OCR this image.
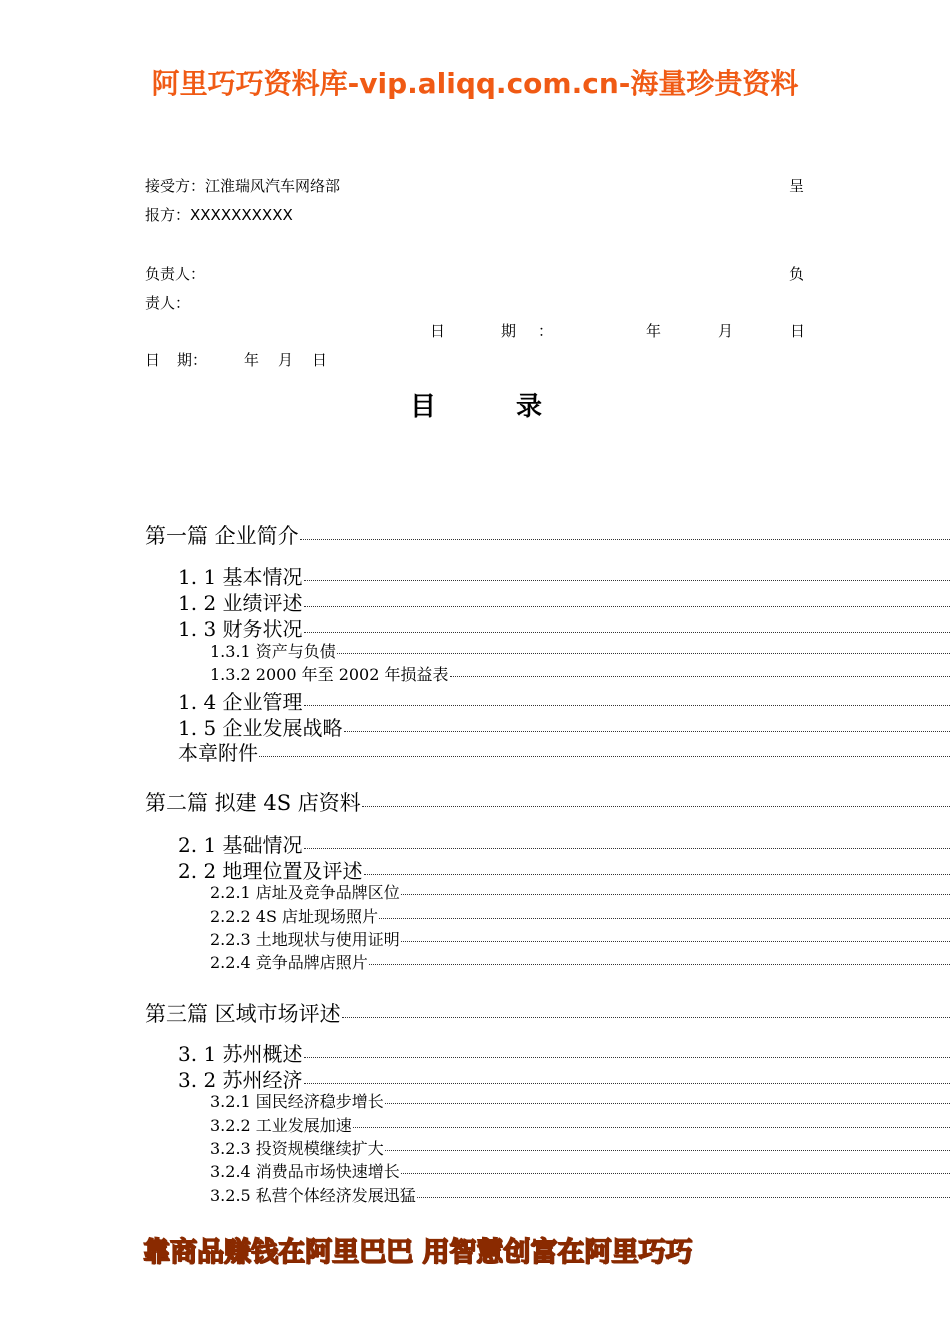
阿里巧巧资料库-vip.aliqq.com.cn-海量珍贵资料
接受方：江淮瑞风汽车网络部	呈
报方：XXXXXXXXXX
负责人：	负
责人：
日	期 ：	年	月	日
日 期： 年 月 日
目	录
第一篇 企业简介
1. 1 基本情况
1. 2 业绩评述
1. 3 财务状况
1.3.1 资产与负债
1.3.2 2000 年至 2002 年损益表
1. 4 企业管理
1. 5 企业发展战略
本章附件
第二篇 拟建 4S 店资料
2. 1 基础情况
2. 2 地理位置及评述
2.2.1 店址及竞争品牌区位
2.2.2 4S 店址现场照片
2.2.3 土地现状与使用证明
2.2.4 竞争品牌店照片
第三篇 区域市场评述
3. 1 苏州概述
3. 2 苏州经济
3.2.1 国民经济稳步增长
3.2.2 工业发展加速
3.2.3 投资规模继续扩大
3.2.4 消费品市场快速增长
3.2.5 私营个体经济发展迅猛
靠商品赚钱在阿里巴巴 用智慧创富在阿里巧巧
